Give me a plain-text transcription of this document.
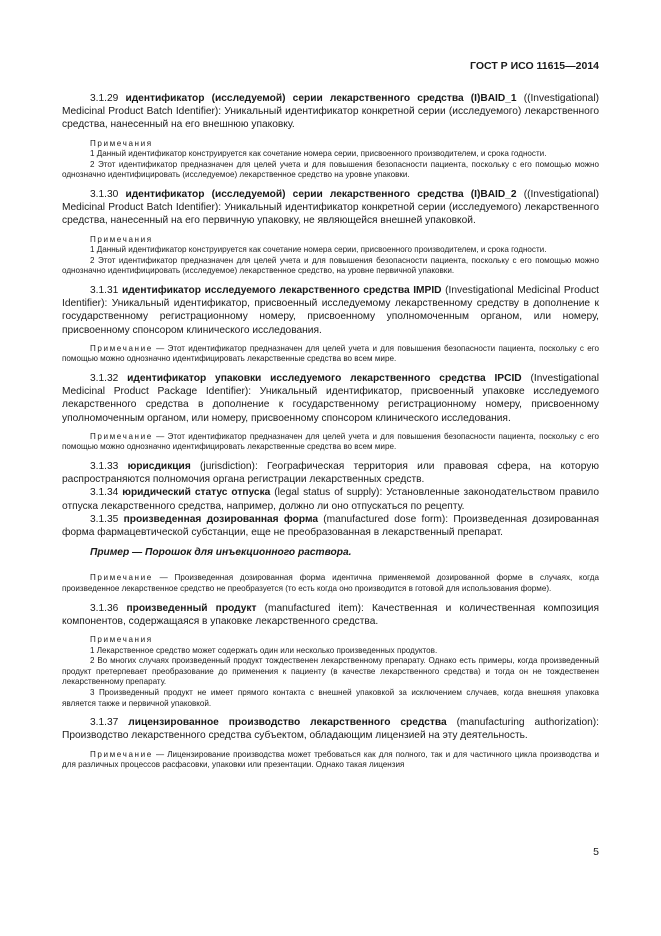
ГОСТ Р ИСО 11615—2014

3.1.29 идентификатор (исследуемой) серии лекарственного средства (I)BAID_1 ((Investigational) Medicinal Product Batch Identifier): Уникальный идентификатор конкретной серии (исследуемого) лекарственного средства, нанесенный на его внешнюю упаковку.

Примечания

1 Данный идентификатор конструируется как сочетание номера серии, присвоенного производителем, и срока годности.

2 Этот идентификатор предназначен для целей учета и для повышения безопасности пациента, поскольку с его помощью можно однозначно идентифицировать (исследуемое) лекарственное средство на уровне упаковки.

3.1.30 идентификатор (исследуемой) серии лекарственного средства (I)BAID_2 ((Investigational) Medicinal Product Batch Identifier): Уникальный идентификатор конкретной серии (исследуемого) лекарственного средства, нанесенный на его первичную упаковку, не являющейся внешней упаковкой.

Примечания

1 Данный идентификатор конструируется как сочетание номера серии, присвоенного производителем, и срока годности.

2 Этот идентификатор предназначен для целей учета и для повышения безопасности пациента, поскольку с его помощью можно однозначно идентифицировать (исследуемое) лекарственное средство, на уровне первичной упаковки.

3.1.31 идентификатор исследуемого лекарственного средства IMPID (Investigational Medicinal Product Identifier): Уникальный идентификатор, присвоенный исследуемому лекарственному средству в дополнение к государственному регистрационному номеру, присвоенному уполномоченным органом, или номеру, присвоенному спонсором клинического исследования.

Примечание — Этот идентификатор предназначен для целей учета и для повышения безопасности пациента, поскольку с его помощью можно однозначно идентифицировать лекарственные средства во всем мире.

3.1.32 идентификатор упаковки исследуемого лекарственного средства IPCID (Investigational Medicinal Product Package Identifier): Уникальный идентификатор, присвоенный упаковке исследуемого лекарственного средства в дополнение к государственному регистрационному номеру, присвоенному уполномоченным органом, или номеру, присвоенному спонсором клинического исследования.

Примечание — Этот идентификатор предназначен для целей учета и для повышения безопасности пациента, поскольку с его помощью можно однозначно идентифицировать лекарственные средства во всем мире.

3.1.33 юрисдикция (jurisdiction): Географическая территория или правовая сфера, на которую распространяются полномочия органа регистрации лекарственных средств.

3.1.34 юридический статус отпуска (legal status of supply): Установленные законодательством правило отпуска лекарственного средства, например, должно ли оно отпускаться по рецепту.

3.1.35 произведенная дозированная форма (manufactured dose form): Произведенная дозированная форма фармацевтической субстанции, еще не преобразованная в лекарственный препарат.

Пример — Порошок для инъекционного раствора.

Примечание — Произведенная дозированная форма идентична применяемой дозированной форме в случаях, когда произведенное лекарственное средство не преобразуется (то есть когда оно производится в готовой для использования форме).

3.1.36 произведенный продукт (manufactured item): Качественная и количественная композиция компонентов, содержащаяся в упаковке лекарственного средства.

Примечания

1 Лекарственное средство может содержать один или несколько произведенных продуктов.

2 Во многих случаях произведенный продукт тождественен лекарственному препарату. Однако есть примеры, когда произведенный продукт претерпевает преобразование до применения к пациенту (в качестве лекарственного средства) и тогда он не тождественен лекарственному препарату.

3 Произведенный продукт не имеет прямого контакта с внешней упаковкой за исключением случаев, когда внешняя упаковка является также и первичной упаковкой.

3.1.37 лицензированное производство лекарственного средства (manufacturing authorization): Производство лекарственного средства субъектом, обладающим лицензией на эту деятельность.

Примечание — Лицензирование производства может требоваться как для полного, так и для частичного цикла производства и для различных процессов расфасовки, упаковки или презентации. Однако такая лицензия

5
